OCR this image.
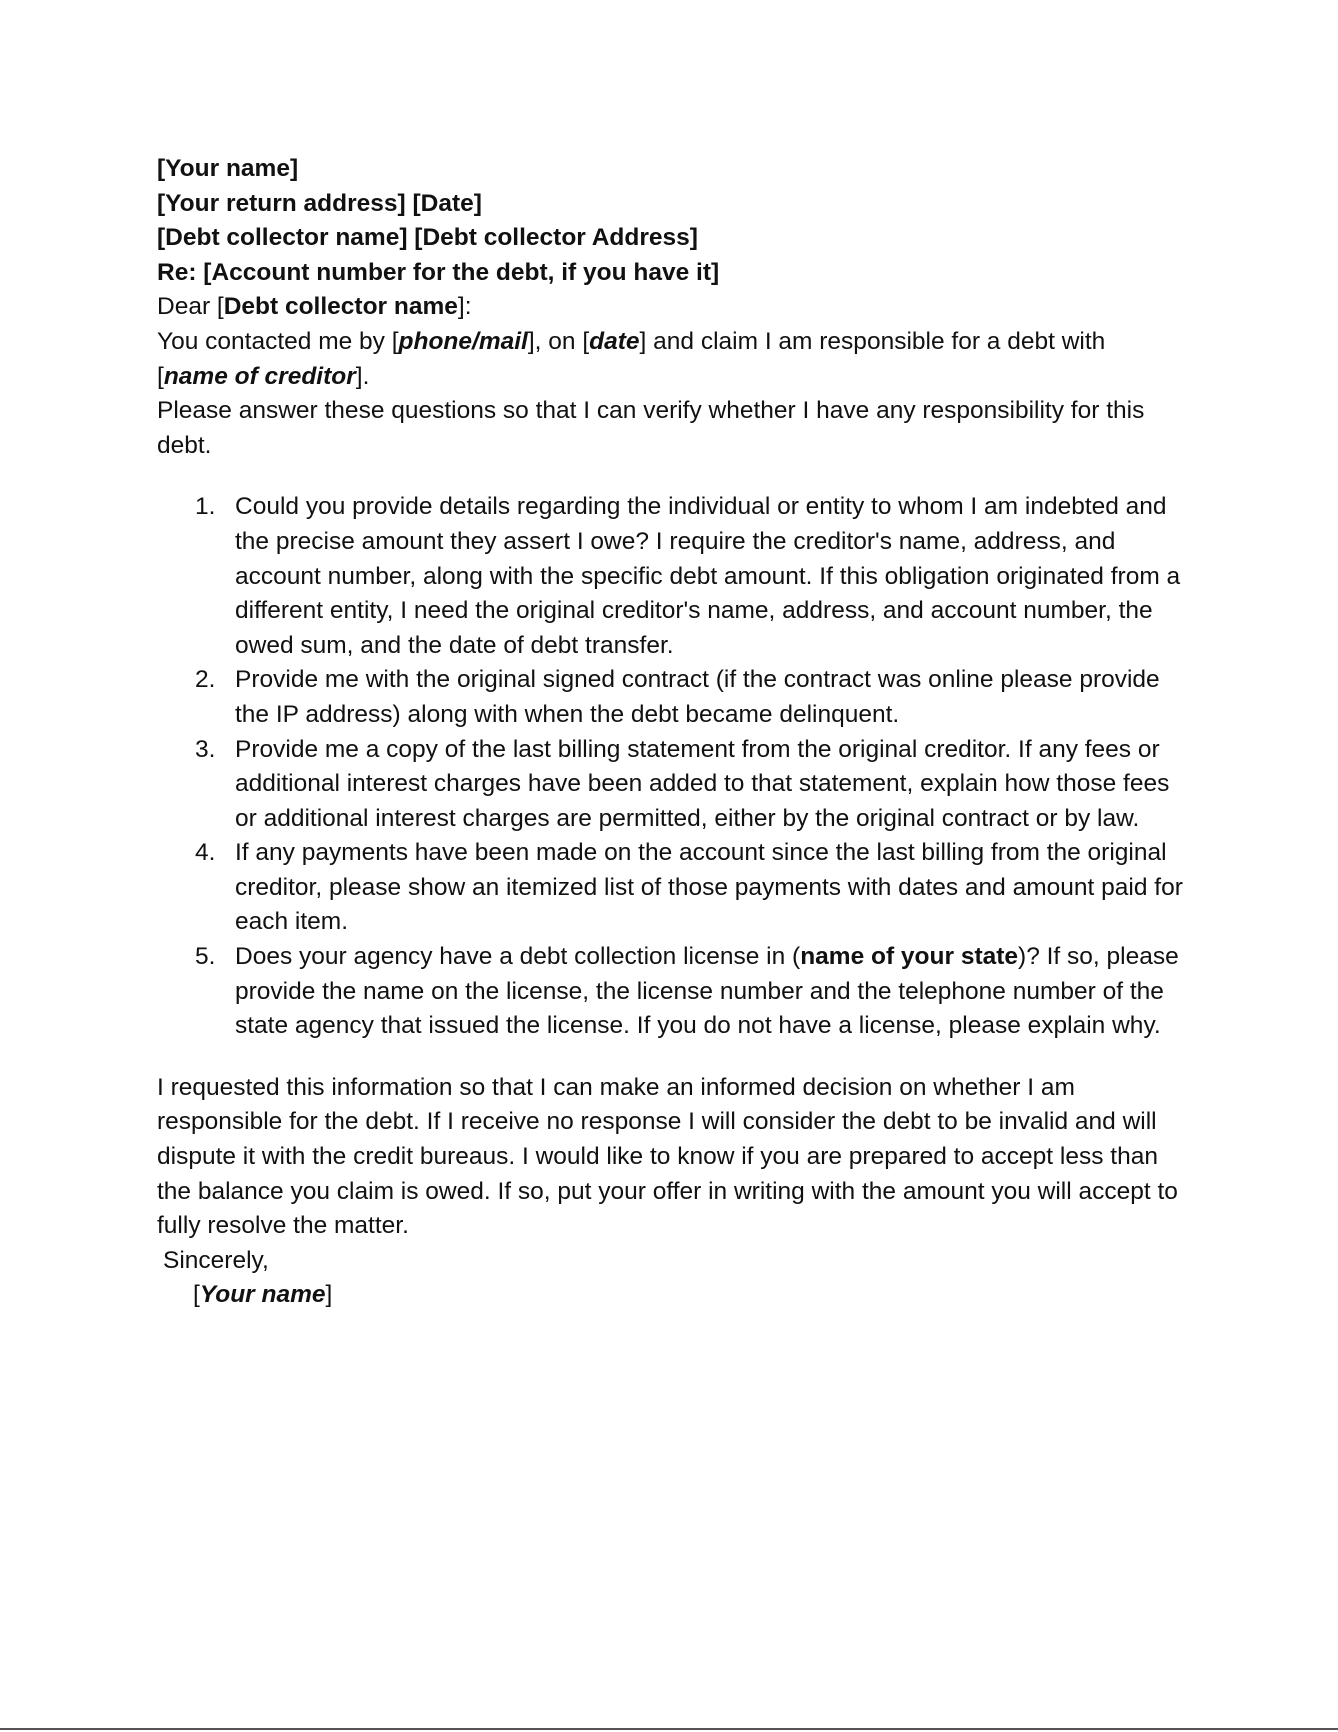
[Your name]
[Your return address] [Date]
[Debt collector name] [Debt collector Address]
Re: [Account number for the debt, if you have it]
Dear [Debt collector name]:
You contacted me by [phone/mail], on [date] and claim I am responsible for a debt with
[name of creditor].

Please answer these questions so that I can verify whether I have any responsibility for this debt.

1. Could you provide details regarding the individual or entity to whom I am indebted and the precise amount they assert I owe? I require the creditor's name, address, and account number, along with the specific debt amount. If this obligation originated from a different entity, I need the original creditor's name, address, and account number, the owed sum, and the date of debt transfer.
2. Provide me with the original signed contract (if the contract was online please provide the IP address) along with when the debt became delinquent.
3. Provide me a copy of the last billing statement from the original creditor. If any fees or additional interest charges have been added to that statement, explain how those fees or additional interest charges are permitted, either by the original contract or by law.
4. If any payments have been made on the account since the last billing from the original creditor, please show an itemized list of those payments with dates and amount paid for each item.
5. Does your agency have a debt collection license in (name of your state)? If so, please provide the name on the license, the license number and the telephone number of the state agency that issued the license. If you do not have a license, please explain why.

I requested this information so that I can make an informed decision on whether I am responsible for the debt. If I receive no response I will consider the debt to be invalid and will dispute it with the credit bureaus. I would like to know if you are prepared to accept less than the balance you claim is owed. If so, put your offer in writing with the amount you will accept to fully resolve the matter.

Sincerely,
[Your name]
